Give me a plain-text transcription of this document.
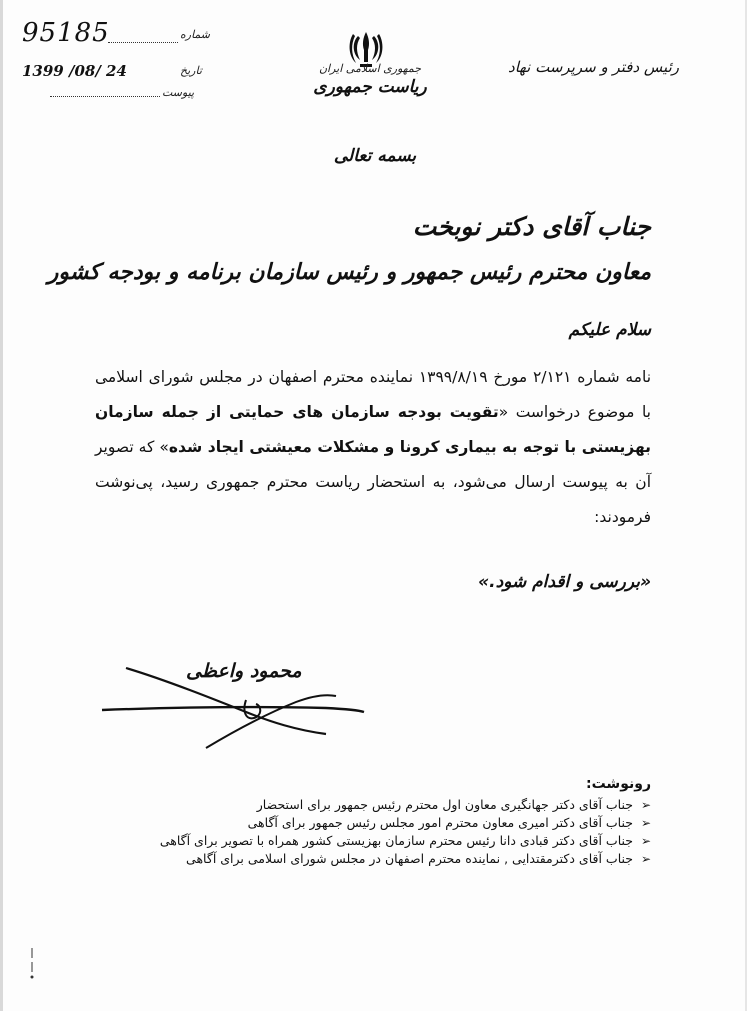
95185	شماره
1399 /08/ 24	تاریخ
پیوست
جمهوری اسلامی ایران
ریاست جمهوری
بسمه تعالی
رئیس دفتر و سرپرست نهاد
جناب آقای دکتر نوبخت
معاون محترم رئیس جمهور و رئیس سازمان برنامه و بودجه کشور
سلام علیکم
نامه شماره ۲/۱۲۱ مورخ ۱۳۹۹/۸/۱۹ نماینده محترم اصفهان در مجلس شورای اسلامی با موضوع درخواست «تقویت بودجه سازمان های حمایتی از جمله سازمان بهزیستی با توجه به بیماری کرونا و مشکلات معیشتی ایجاد شده» که تصویر آن به پیوست ارسال می‌شود، به استحضار ریاست محترم جمهوری رسید، پی‌نوشت فرمودند:
«بررسی و اقدام شود.»
محمود واعظی
رونوشت:
➢
جناب آقای دکتر جهانگیری معاون اول محترم رئیس جمهور برای استحضار
➢
جناب آقای دکتر امیری معاون محترم امور مجلس رئیس جمهور برای آگاهی
➢
جناب آقای دکتر قبادی دانا رئیس محترم سازمان بهزیستی کشور همراه با تصویر برای آگاهی
➢
جناب آقای دکترمقتدایی , نماینده محترم اصفهان در مجلس شورای اسلامی برای آگاهی
